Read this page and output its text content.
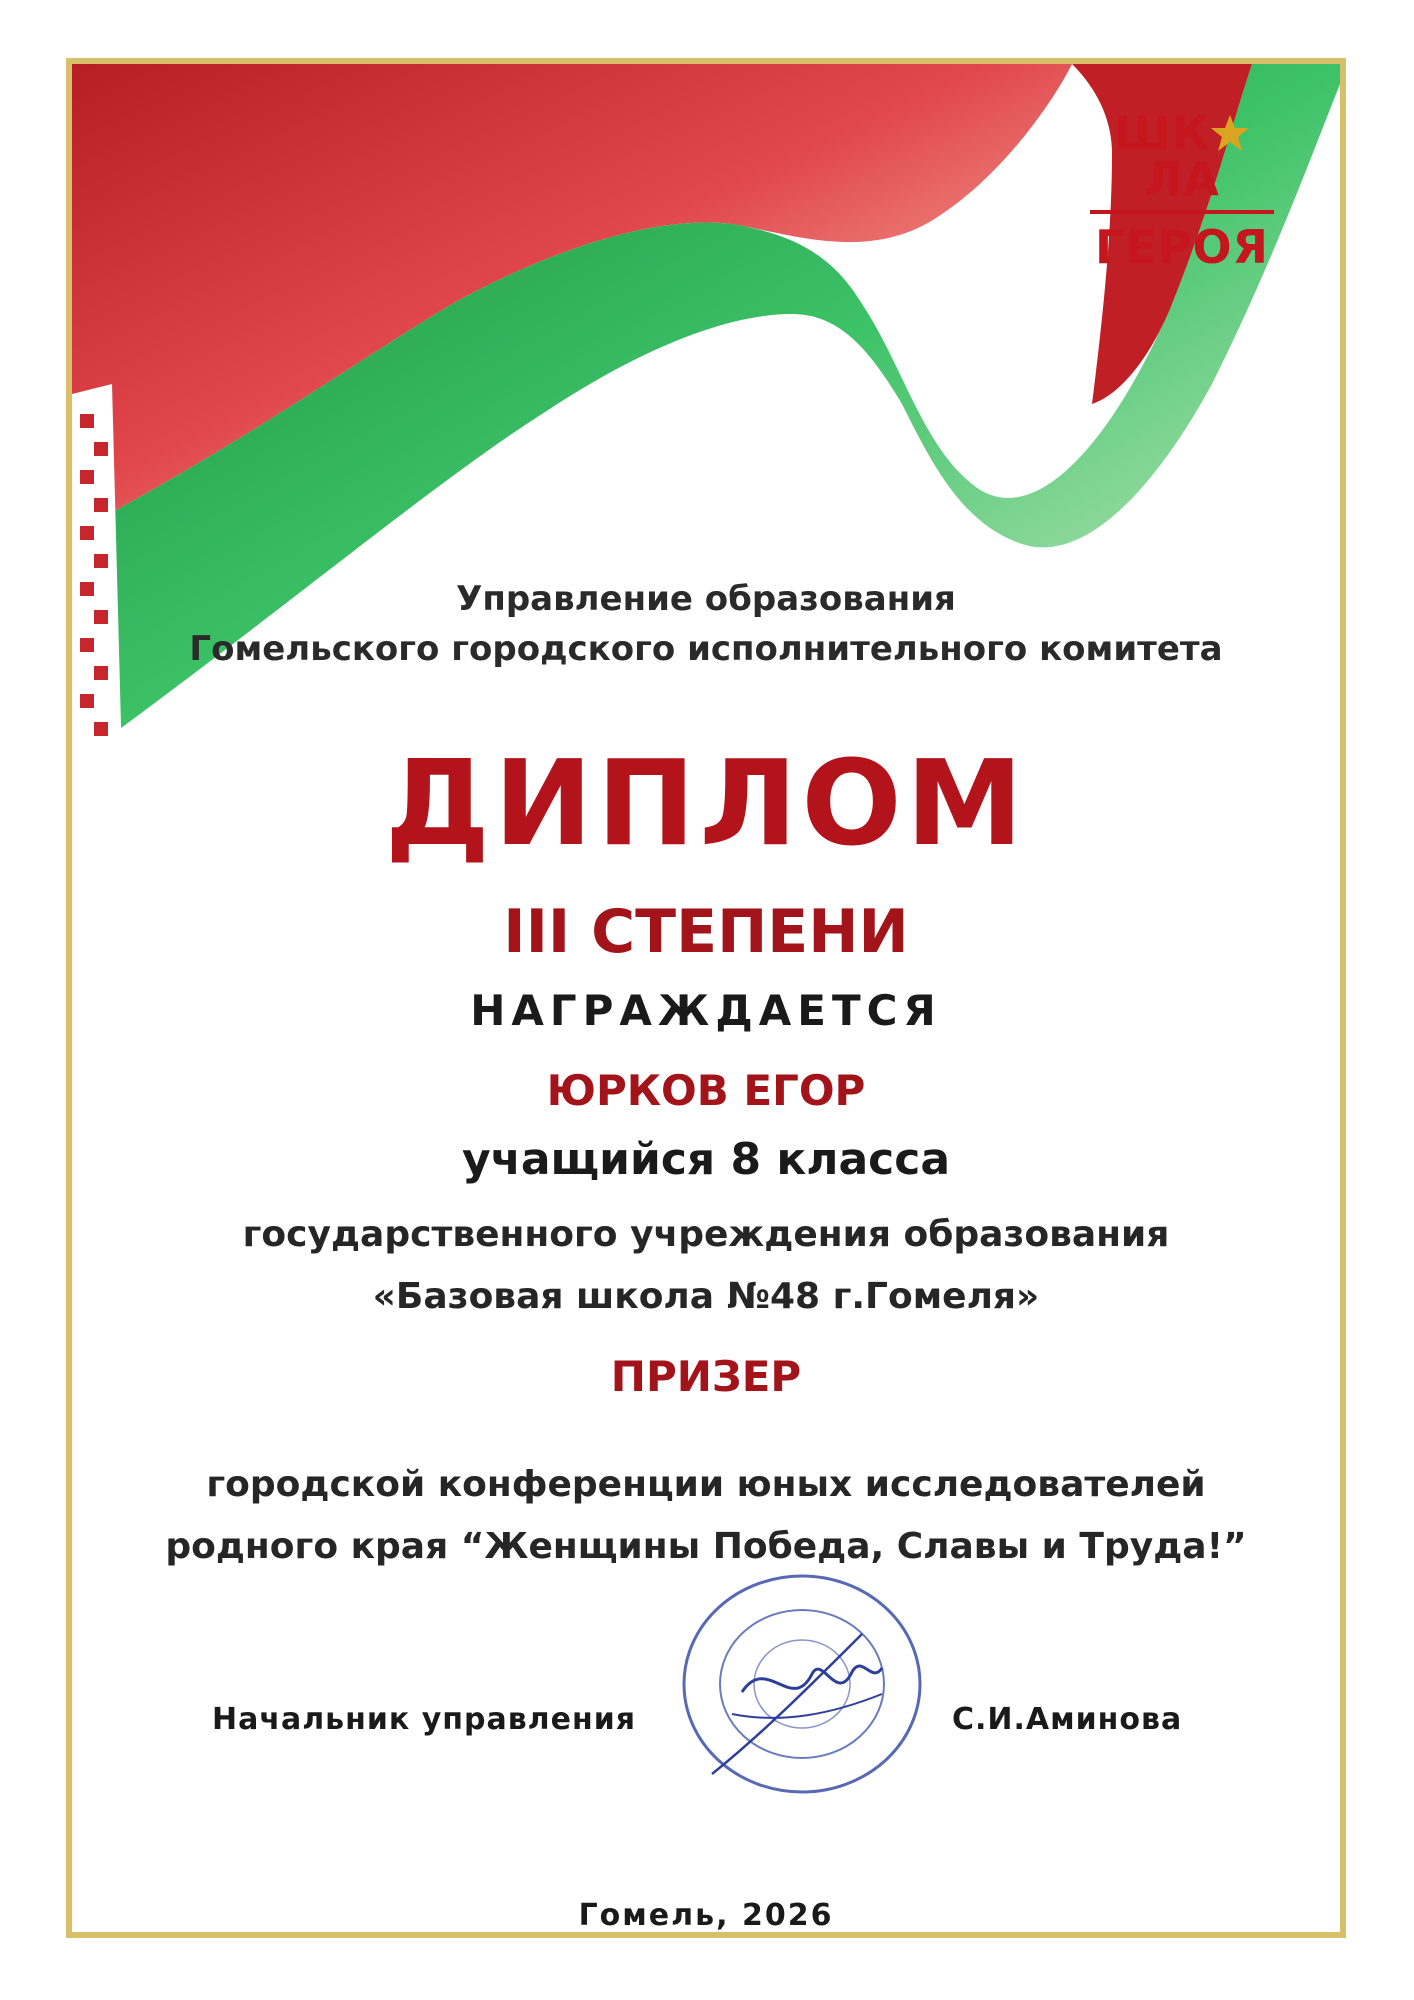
ШКЛА
ГЕРОЯ
Управление образования
Гомельского городского исполнительного комитета
ДИПЛОМ
III СТЕПЕНИ
НАГРАЖДАЕТСЯ
ЮРКОВ ЕГОР
учащийся 8 класса
государственного учреждения образования
«Базовая школа №48 г.Гомеля»
ПРИЗЕР
городской конференции юных исследователей
родного края “Женщины Победа, Славы и Труда!”
Начальник управления	С.И.Аминова
Гомель, 2026
